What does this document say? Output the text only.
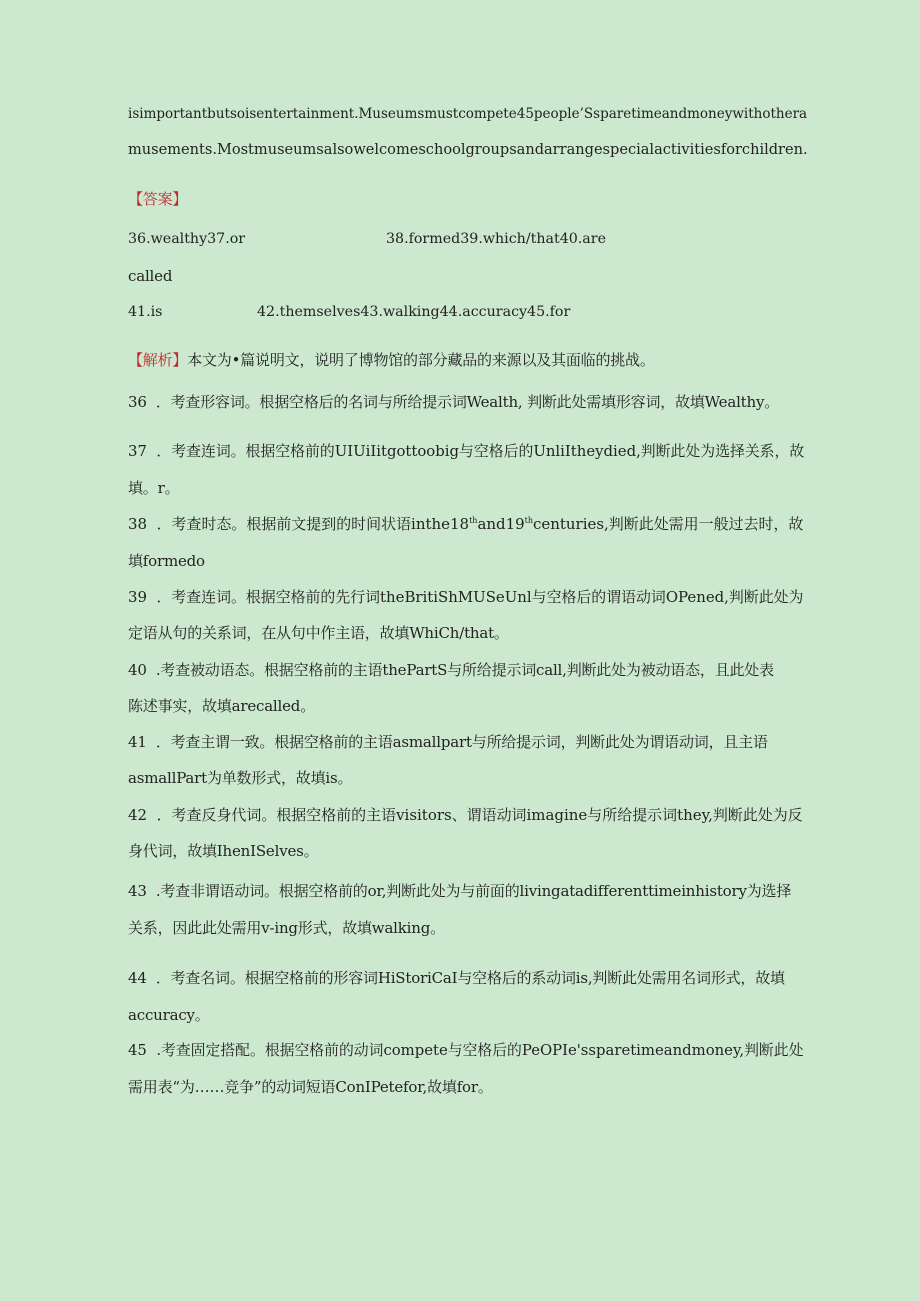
isimportantbutsoisentertainment.Museumsmustcompete45people’Ssparetimeandmoneywithothera
musements.Mostmuseumsalsowelcomeschoolgroupsandarrangespecialactivitiesforchildren.
【答案】
36.wealthy37.or	38.formed39.which/that40.are
called
41.is	42.themselves43.walking44.accuracy45.for
【解析】本文为•篇说明文，说明了博物馆的部分藏品的来源以及其面临的挑战。
36 ．考查形容词。根据空格后的名词与所给提示词Wealth, 判断此处需填形容词，故填Wealthy。
37 ．考查连词。根据空格前的UIUiIitgottoobig与空格后的UnliItheydied,判断此处为选择关系，故
填。r。
38 ．考查时态。根据前文提到的时间状语inthe18thand19thcenturies,判断此处需用一般过去时，故
填formedo
39 ．考查连词。根据空格前的先行词theBritiShMUSeUnl与空格后的谓语动词OPened,判断此处为
定语从句的关系词，在从句中作主语，故填WhiCh/that。
40 .考查被动语态。根据空格前的主语thePartS与所给提示词call,判断此处为被动语态，且此处表
陈述事实，故填arecalled。
41 ．考查主谓一致。根据空格前的主语asmallpart与所给提示词，判断此处为谓语动词，且主语
asmallPart为单数形式，故填is。
42 ．考查反身代词。根据空格前的主语visitors、谓语动词imagine与所给提示词they,判断此处为反
身代词，故填IhenISelves。
43 .考查非谓语动词。根据空格前的or,判断此处为与前面的livingatadifferenttimeinhistory为选择
关系，因此此处需用v-ing形式，故填walking。
44 ．考查名词。根据空格前的形容词HiStoriCaI与空格后的系动词is,判断此处需用名词形式，故填
accuracy。
45 .考查固定搭配。根据空格前的动词compete与空格后的PeOPIe'ssparetimeandmoney,判断此处
需用表“为……竞争”的动词短语ConIPetefor,故填for。
